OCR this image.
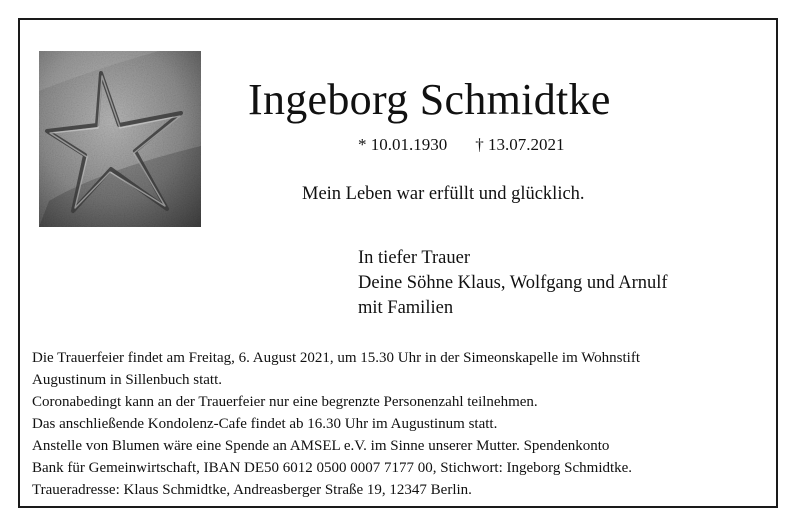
Ingeborg Schmidtke
* 10.01.1930 † 13.07.2021
Mein Leben war erfüllt und glücklich.
In tiefer Trauer
Deine Söhne Klaus, Wolfgang und Arnulf
mit Familien
Die Trauerfeier findet am Freitag, 6. August 2021, um 15.30 Uhr in der Simeonskapelle im Wohnstift
Augustinum in Sillenbuch statt.
Coronabedingt kann an der Trauerfeier nur eine begrenzte Personenzahl teilnehmen.
Das anschließende Kondolenz-Cafe findet ab 16.30 Uhr im Augustinum statt.
Anstelle von Blumen wäre eine Spende an AMSEL e.V. im Sinne unserer Mutter. Spendenkonto
Bank für Gemeinwirtschaft, IBAN DE50 6012 0500 0007 7177 00, Stichwort: Ingeborg Schmidtke.
Traueradresse: Klaus Schmidtke, Andreasberger Straße 19, 12347 Berlin.
